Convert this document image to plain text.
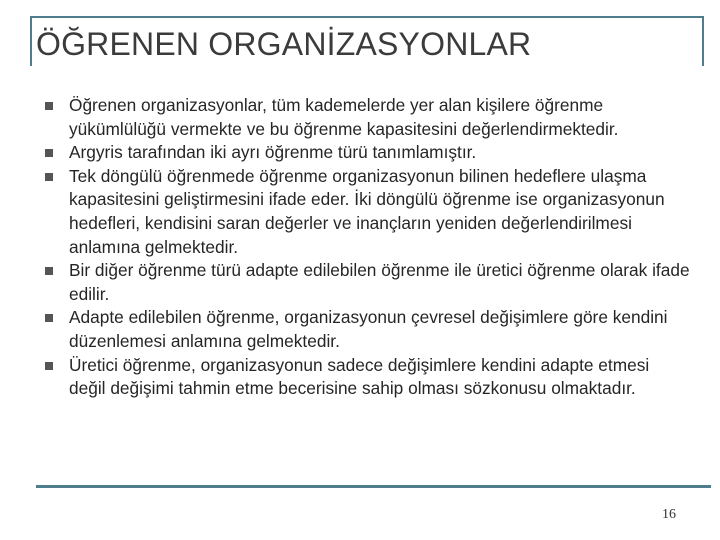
ÖĞRENEN ORGANİZASYONLAR
Öğrenen organizasyonlar, tüm kademelerde yer alan kişilere öğrenme yükümlülüğü vermekte ve bu öğrenme kapasitesini değerlendirmektedir.
Argyris tarafından iki ayrı öğrenme türü tanımlamıştır.
Tek döngülü öğrenmede öğrenme organizasyonun bilinen hedeflere ulaşma kapasitesini geliştirmesini ifade eder. İki döngülü öğrenme ise organizasyonun hedefleri, kendisini saran değerler ve inançların yeniden değerlendirilmesi anlamına gelmektedir.
Bir diğer öğrenme türü adapte edilebilen öğrenme ile üretici öğrenme olarak ifade edilir.
Adapte edilebilen öğrenme, organizasyonun çevresel değişimlere göre kendini düzenlemesi anlamına gelmektedir.
Üretici öğrenme, organizasyonun sadece değişimlere kendini adapte etmesi değil değişimi tahmin etme becerisine sahip olması sözkonusu olmaktadır.
16
